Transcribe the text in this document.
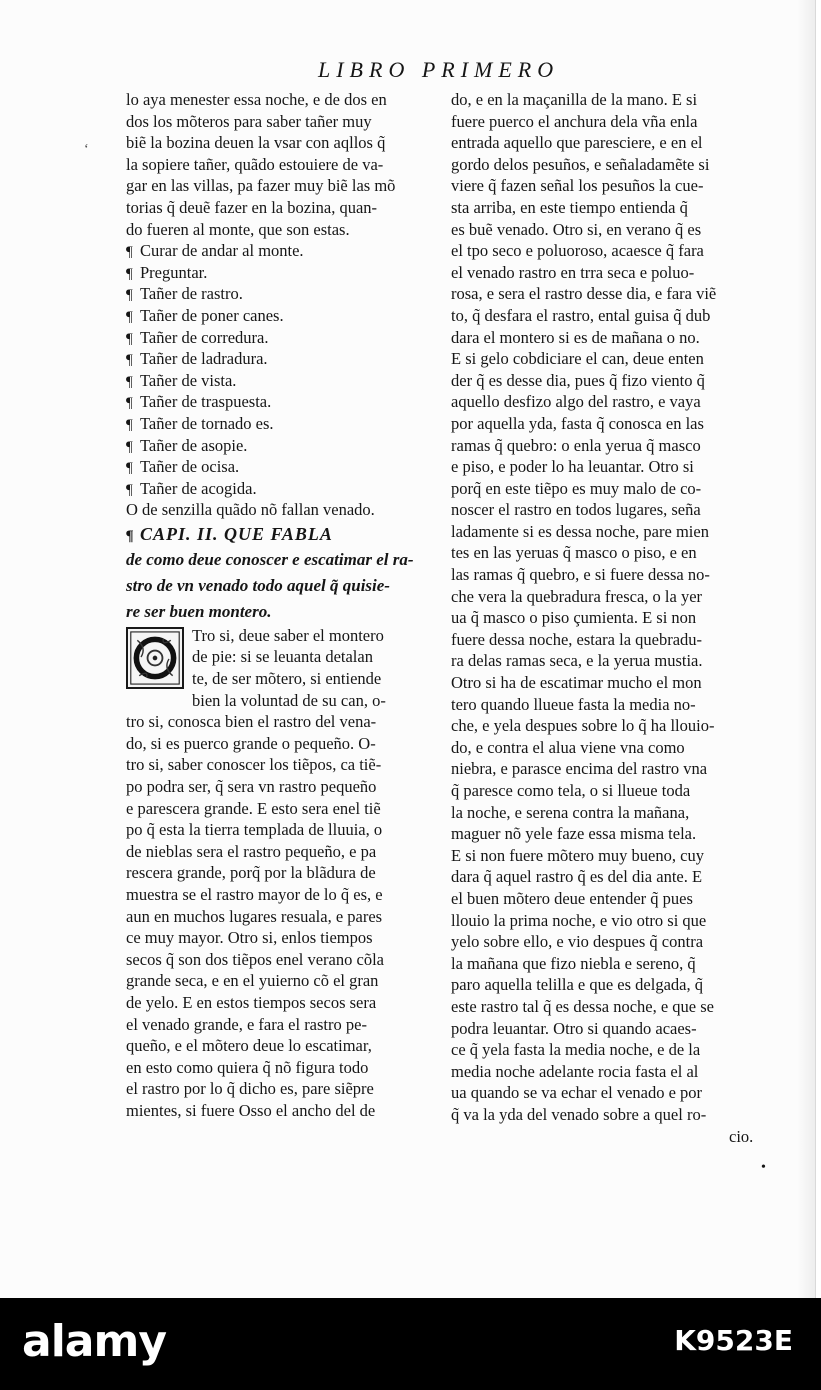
LIBRO PRIMERO
‘
lo aya menester essa noche, e de dos en
dos los mõteros para saber tañer muy
biẽ la bozina deuen la vsar con aqllos q̃
la sopiere tañer, quãdo estouiere de va-
gar en las villas, pa fazer muy biẽ las mõ
torias q̃ deuẽ fazer en la bozina, quan-
do fueren al monte, que son estas.
¶ Curar de andar al monte.
¶ Preguntar.
¶ Tañer de rastro.
¶ Tañer de poner canes.
¶ Tañer de corredura.
¶ Tañer de ladradura.
¶ Tañer de vista.
¶ Tañer de traspuesta.
¶ Tañer de tornado es.
¶ Tañer de asopie.
¶ Tañer de ocisa.
¶ Tañer de acogida.
O de senzilla quãdo nõ fallan venado.
¶ CAPI. II. QUE FABLA
de como deue conoscer e escatimar el ra-
stro de vn venado todo aquel q̃ quisie-
re ser buen montero.
Tro si, deue saber el montero
de pie: si se leuanta detalan
te, de ser mõtero, si entiende
bien la voluntad de su can, o-
tro si, conosca bien el rastro del vena-
do, si es puerco grande o pequeño. O-
tro si, saber conoscer los tiẽpos, ca tiẽ-
po podra ser, q̃ sera vn rastro pequeño
e parescera grande. E esto sera enel tiẽ
po q̃ esta la tierra templada de lluuia, o
de nieblas sera el rastro pequeño, e pa
rescera grande, porq̃ por la blãdura de
muestra se el rastro mayor de lo q̃ es, e
aun en muchos lugares resuala, e pares
ce muy mayor. Otro si, enlos tiempos
secos q̃ son dos tiẽpos enel verano cõla
grande seca, e en el yuierno cõ el gran
de yelo. E en estos tiempos secos sera
el venado grande, e fara el rastro pe-
queño, e el mõtero deue lo escatimar,
en esto como quiera q̃ nõ figura todo
el rastro por lo q̃ dicho es, pare siẽpre
mientes, si fuere Osso el ancho del de
do, e en la maçanilla de la mano. E si
fuere puerco el anchura dela vña enla
entrada aquello que paresciere, e en el
gordo delos pesuños, e señaladamẽte si
viere q̃ fazen señal los pesuños la cue-
sta arriba, en este tiempo entienda q̃
es buẽ venado. Otro si, en verano q̃ es
el tpo seco e poluoroso, acaesce q̃ fara
el venado rastro en trra seca e poluo-
rosa, e sera el rastro desse dia, e fara viẽ
to, q̃ desfara el rastro, ental guisa q̃ dub
dara el montero si es de mañana o no.
E si gelo cobdiciare el can, deue enten
der q̃ es desse dia, pues q̃ fizo viento q̃
aquello desfizo algo del rastro, e vaya
por aquella yda, fasta q̃ conosca en las
ramas q̃ quebro: o enla yerua q̃ masco
e piso, e poder lo ha leuantar. Otro si
porq̃ en este tiẽpo es muy malo de co-
noscer el rastro en todos lugares, seña
ladamente si es dessa noche, pare mien
tes en las yeruas q̃ masco o piso, e en
las ramas q̃ quebro, e si fuere dessa no-
che vera la quebradura fresca, o la yer
ua q̃ masco o piso çumienta. E si non
fuere dessa noche, estara la quebradu-
ra delas ramas seca, e la yerua mustia.
Otro si ha de escatimar mucho el mon
tero quando llueue fasta la media no-
che, e yela despues sobre lo q̃ ha llouio-
do, e contra el alua viene vna como
niebra, e parasce encima del rastro vna
q̃ paresce como tela, o si llueue toda
la noche, e serena contra la mañana,
maguer nõ yele faze essa misma tela.
E si non fuere mõtero muy bueno, cuy
dara q̃ aquel rastro q̃ es del dia ante. E
el buen mõtero deue entender q̃ pues
llouio la prima noche, e vio otro si que
yelo sobre ello, e vio despues q̃ contra
la mañana que fizo niebla e sereno, q̃
paro aquella telilla e que es delgada, q̃
este rastro tal q̃ es dessa noche, e que se
podra leuantar. Otro si quando acaes-
ce q̃ yela fasta la media noche, e de la
media noche adelante rocia fasta el al
ua quando se va echar el venado e por
q̃ va la yda del venado sobre a quel ro-
cio.
•
alamy	K9523E
